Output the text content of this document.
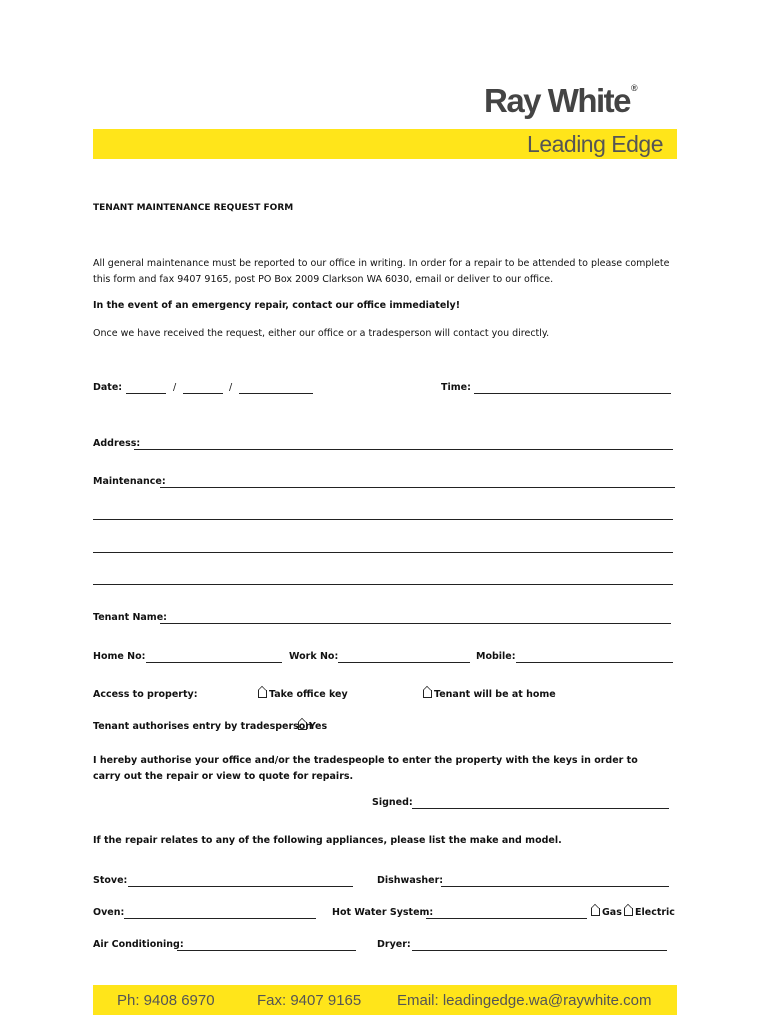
Ray White®
Leading Edge
TENANT MAINTENANCE REQUEST FORM
All general maintenance must be reported to our office in writing. In order for a repair to be attended to please complete this form and fax 9407 9165, post PO Box 2009 Clarkson WA 6030, email or deliver to our office.
In the event of an emergency repair, contact our office immediately!
Once we have received the request, either our office or a tradesperson will contact you directly.
Date:	/	/	Time:
Address:
Maintenance:
Tenant Name:
Home No:	Work No:	Mobile:
Access to property:	Take office key	Tenant will be at home
Tenant authorises entry by tradesperson
Yes
I hereby authorise your office and/or the tradespeople to enter the property with the keys in order to carry out the repair or view to quote for repairs.
Signed:
If the repair relates to any of the following appliances, please list the make and model.
Stove:	Dishwasher:
Oven:	Hot Water System:	Gas	Electric
Air Conditioning:	Dryer:
Ph: 9408 6970	Fax: 9407 9165 Email: leadingedge.wa@raywhite.com
